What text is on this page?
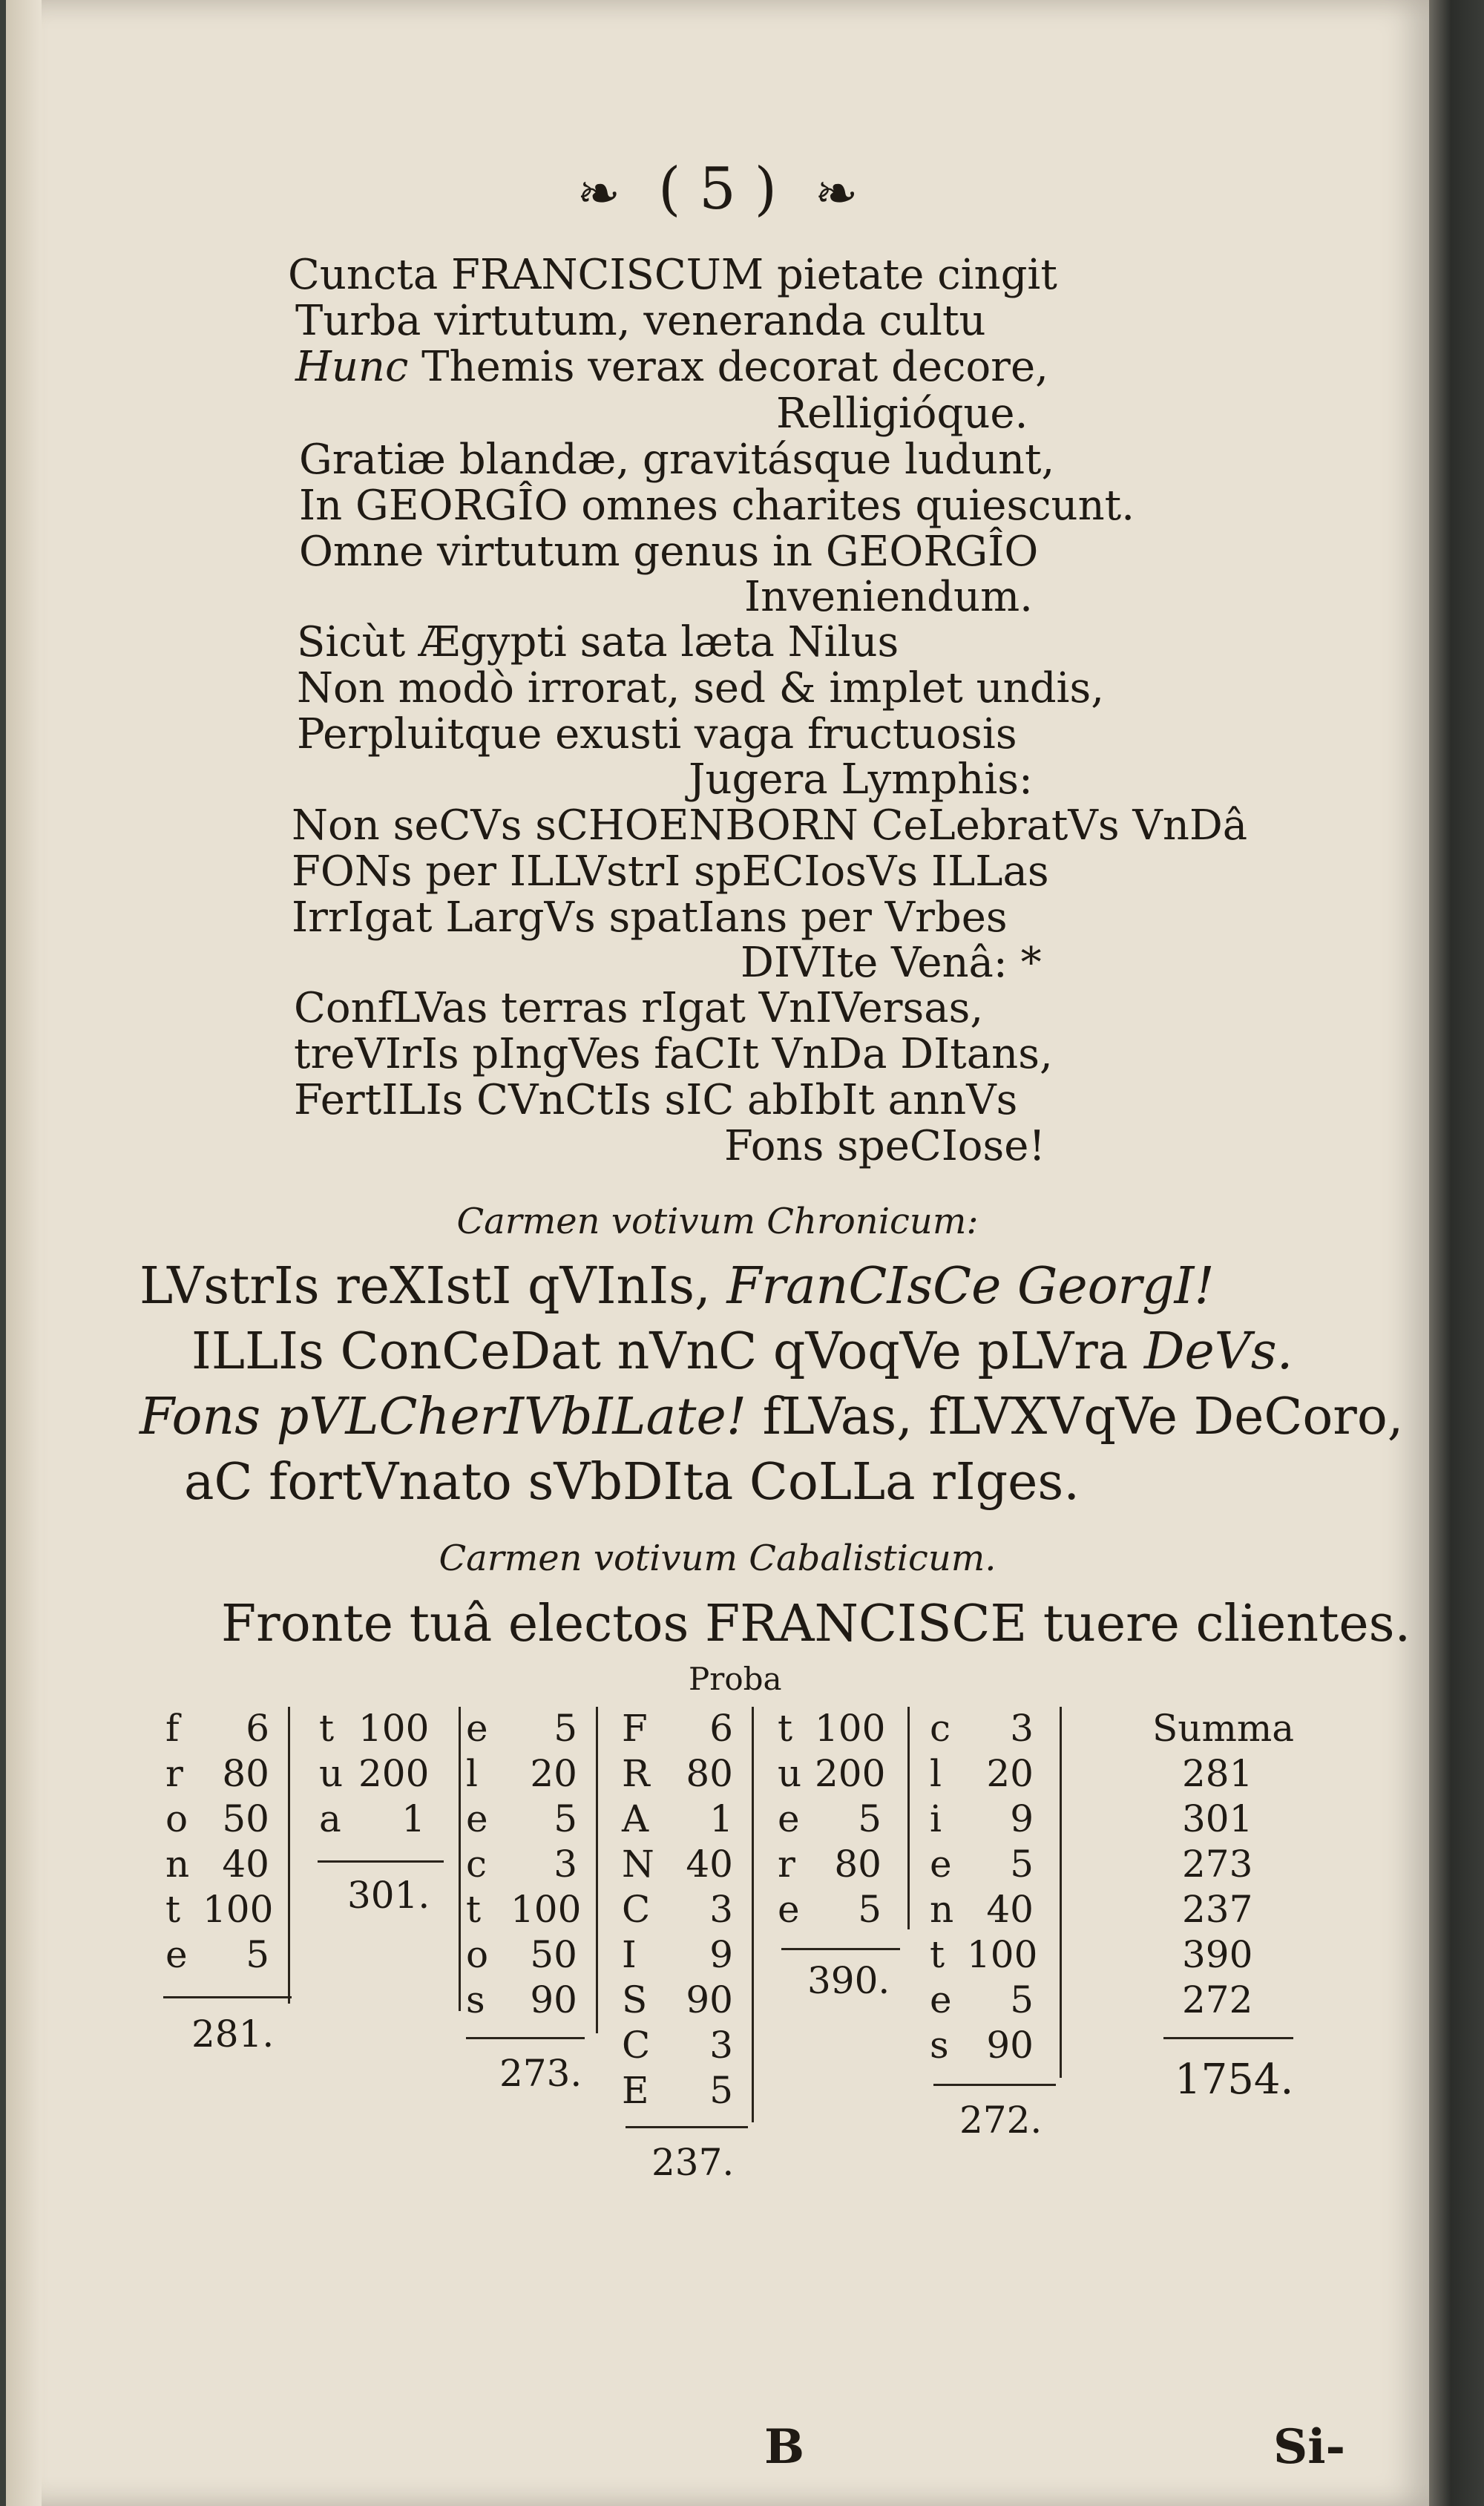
❧ ( 5 ) ❧
Cuncta FRANCISCUM pietate cingit
Turba virtutum, veneranda cultu
Hunc Themis verax decorat decore,
Relligióque.
Gratiæ blandæ, gravitásque ludunt,
In GEORGÎO omnes charites quiescunt.
Omne virtutum genus in GEORGÎO
Inveniendum.
Sicùt Ægypti sata læta Nilus
Non modò irrorat, sed & implet undis,
Perpluitque exusti vaga fructuosis
Jugera Lymphis:
Non seCVs sCHOENBORN CeLebratVs VnDâ
FONs per ILLVstrI spECIosVs ILLas
IrrIgat LargVs spatIans per Vrbes
DIVIte Venâ: *
ConfLVas terras rIgat VnIVersas,
treVIrIs pIngVes faCIt VnDa DItans,
FertILIs CVnCtIs sIC abIbIt annVs
Fons speCIose!
Carmen votivum Chronicum:
LVstrIs reXIstI qVInIs, FranCIsCe GeorgI!
ILLIs ConCeDat nVnC qVoqVe pLVra DeVs.
Fons pVLCherIVbILate! fLVas, fLVXVqVe DeCoro,
aC fortVnato sVbDIta CoLLa rIges.
Carmen votivum Cabalisticum.
Fronte tuâ electos FRANCISCE tuere clientes.
Proba
f	6
r	80
o 50
n 40
t 100
e	5
281.
t 100
u 200
a	1
301.
e	5
l	20
e	5
c	3
t 100
o	50
s	90
273.
F	6
R 80
A	1
N 40
C	3
I	9
S	90
C	3
E	5
237.
t 100
u 200
e	5
r	80
e	5
390.
c	3
l	20
i	9
e	5
n 40
t 100
e	5
s	90
272.
Summa
281
301
273
237
390
272
1754.
B	Si-
